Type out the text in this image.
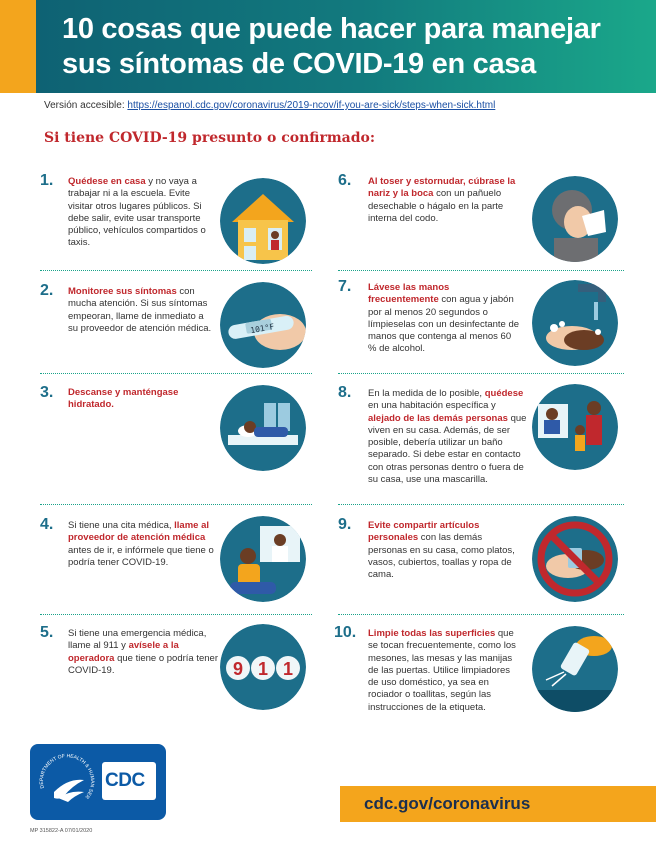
10 cosas que puede hacer para manejar
sus síntomas de COVID-19 en casa
Versión accesible: https://espanol.cdc.gov/coronavirus/2019-ncov/if-you-are-sick/steps-when-sick.html
Si tiene COVID-19 presunto o confirmado:
1.
2.
3.
4.
5.
6.
7.
8.
9.
10.
Quédese en casa y no vaya a trabajar ni a la escuela. Evite visitar otros lugares públicos. Si debe salir, evite usar transporte público, vehículos compartidos o taxis.
Monitoree sus síntomas con mucha atención. Si sus síntomas empeoran, llame de inmediato a su proveedor de atención médica.
Descanse y manténgase hidratado.
Si tiene una cita médica, llame al proveedor de atención médica antes de ir, e infórmele que tiene o podría tener COVID-19.
Si tiene una emergencia médica, llame al 911 y avísele a la operadora que tiene o podría tener COVID-19.
Al toser y estornudar, cúbrase la nariz y la boca con un pañuelo desechable o hágalo en la parte interna del codo.
Lávese las manos frecuentemente con agua y jabón por al menos 20 segundos o límpieselas con un desinfectante de manos que contenga al menos 60 % de alcohol.
En la medida de lo posible, quédese en una habitación específica y alejado de las demás personas que viven en su casa. Además, de ser posible, debería utilizar un baño separado. Si debe estar en contacto con otras personas dentro o fuera de su casa, use una mascarilla.
Evite compartir artículos personales con las demás personas en su casa, como platos, vasos, cubiertos, toallas y ropa de cama.
Limpie todas las superficies que se tocan frecuentemente, como los mesones, las mesas y las manijas de las puertas. Utilice limpiadores de uso doméstico, ya sea en rociador o toallitas, según las instrucciones de la etiqueta.
101°F
9 1 1
DEPARTMENT OF HEALTH & HUMAN SER
CDC
cdc.gov/coronavirus
MP 315822-A 07/01/2020
